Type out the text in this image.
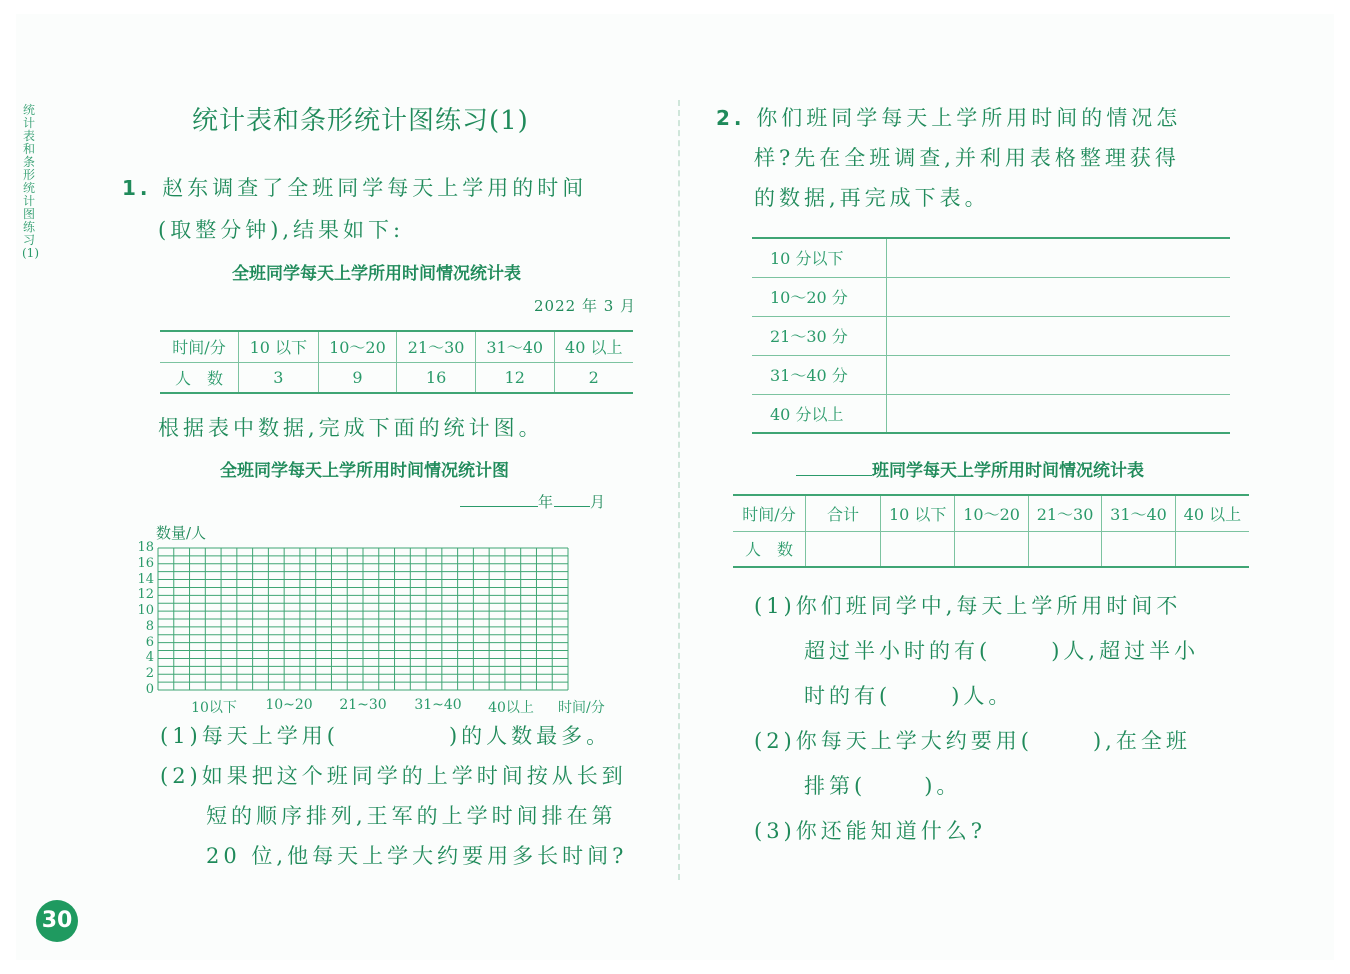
统计表和条形统计图练习(1)
统计表和条形统计图练习(1)
1. 赵东调查了全班同学每天上学用的时间
(取整分钟),结果如下:
全班同学每天上学所用时间情况统计表
2022 年 3 月
时间/分	10 以下	10～20	21～30	31～40	40 以上
人　数	3	9	16	12	2
根据表中数据,完成下面的统计图。
全班同学每天上学所用时间情况统计图
年 月
数量/人
0
2
4
6
8
10
12
14
16
18
10以下	10~20	21~30	31~40	40以上	时间/分
(1)每天上学用(	)的人数最多。
(2)如果把这个班同学的上学时间按从长到
短的顺序排列,王军的上学时间排在第
20 位,他每天上学大约要用多长时间?
30
2. 你们班同学每天上学所用时间的情况怎
样?先在全班调查,并利用表格整理获得
的数据,再完成下表。
10 分以下	
10～20 分	
21～30 分	
31～40 分	
40 分以上	
班同学每天上学所用时间情况统计表
时间/分	合计	10 以下	10～20	21～30	31～40	40 以上
人　数						
(1)你们班同学中,每天上学所用时间不
超过半小时的有(	)人,超过半小
时的有(	)人。
(2)你每天上学大约要用(	),在全班
排第(	)。
(3)你还能知道什么?
